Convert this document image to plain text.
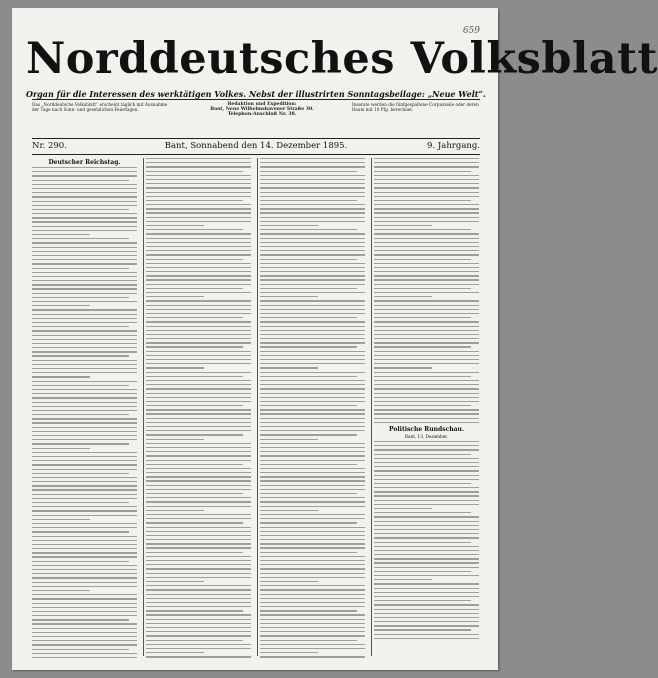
659
Norddeutsches Volksblatt
Organ für die Interessen des werktätigen Volkes. Nebst der illustrirten Sonntagsbeilage: „Neue Welt“.
Das „Norddeutsche Volksblatt“ erscheint täglich mit Ausnahme der Tage nach Sonn- und gesetzlichen Feiertagen.
Redaktion und Expedition:
Bant, Neue Wilhelmshavener Straße 30.
Telephon-Anschluß Nr. 38.
Inserate werden die fünfgespaltene Corpuszeile oder deren Raum mit 10 Pfg. berechnet.
Nr. 290.	Bant, Sonnabend den 14. Dezember 1895.	9. Jahrgang.
Deutscher Reichstag.
Politische Rundschau.
Bant, 13. Dezember.
